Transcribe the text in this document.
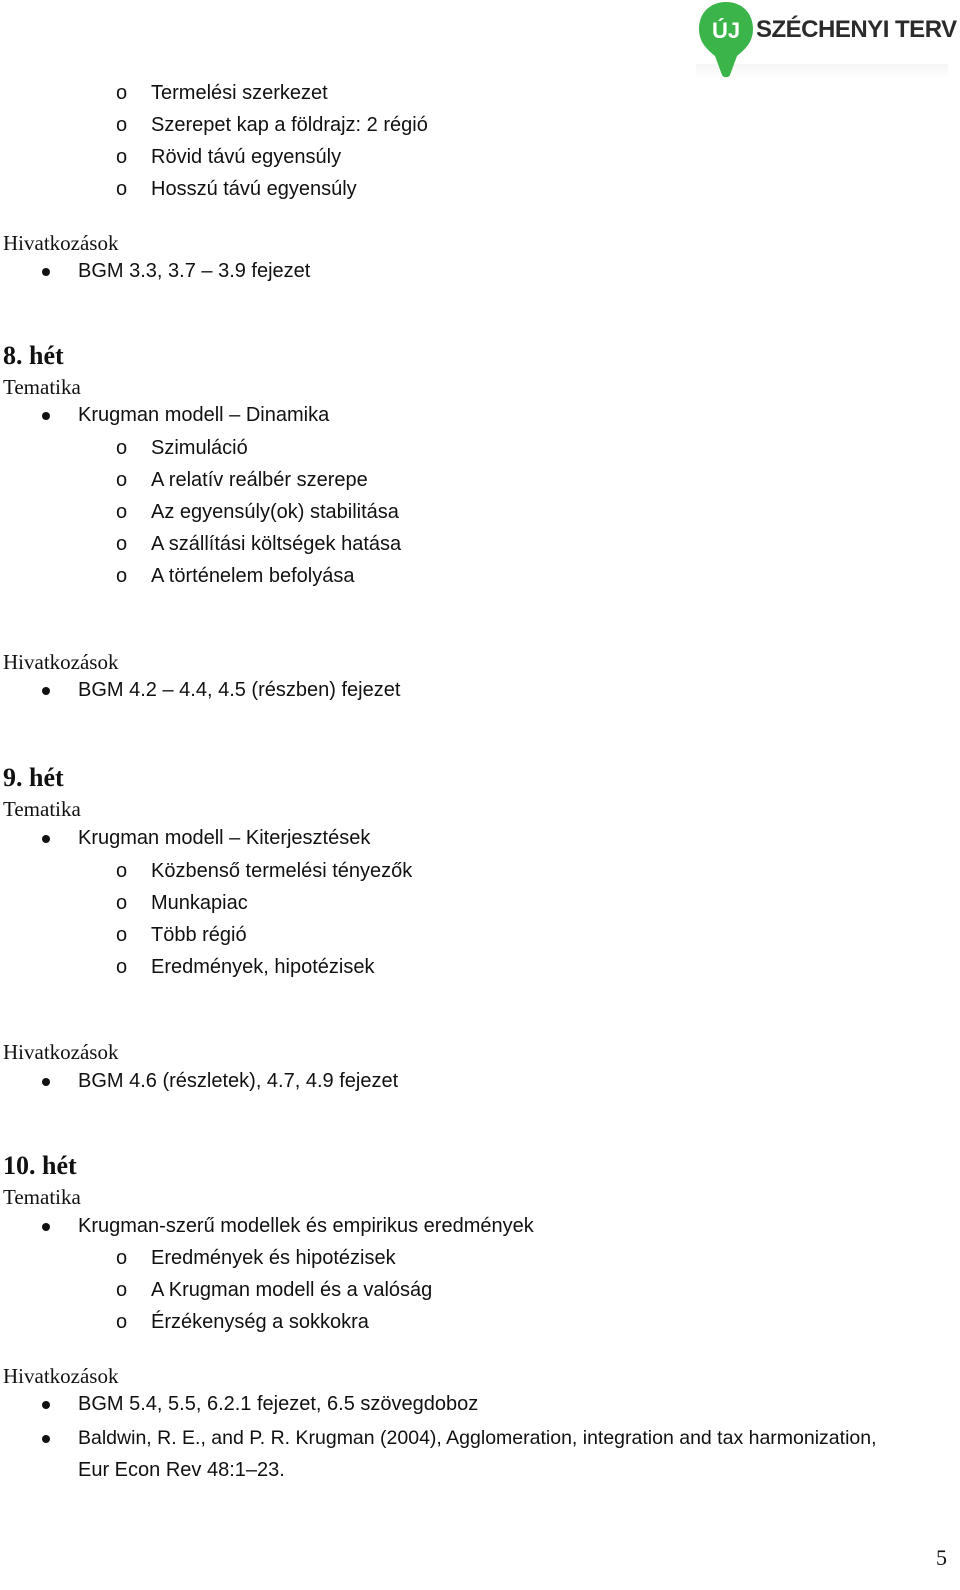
ÚJ SZÉCHENYI TERV
o Termelési szerkezet
o Szerepet kap a földrajz: 2 régió
o Rövid távú egyensúly
o Hosszú távú egyensúly
Hivatkozások
BGM 3.3, 3.7 – 3.9 fejezet
8. hét
Tematika
Krugman modell – Dinamika
o Szimuláció
o A relatív reálbér szerepe
o Az egyensúly(ok) stabilitása
o A szállítási költségek hatása
o A történelem befolyása
Hivatkozások
BGM 4.2 – 4.4, 4.5 (részben) fejezet
9. hét
Tematika
Krugman modell – Kiterjesztések
o Közbenső termelési tényezők
o Munkapiac
o Több régió
o Eredmények, hipotézisek
Hivatkozások
BGM 4.6 (részletek), 4.7, 4.9 fejezet
10. hét
Tematika
Krugman-szerű modellek és empirikus eredmények
o Eredmények és hipotézisek
o A Krugman modell és a valóság
o Érzékenység a sokkokra
Hivatkozások
BGM 5.4, 5.5, 6.2.1 fejezet, 6.5 szövegdoboz
Baldwin, R. E., and P. R. Krugman (2004), Agglomeration, integration and tax harmonization,
Eur Econ Rev 48:1–23.
5
